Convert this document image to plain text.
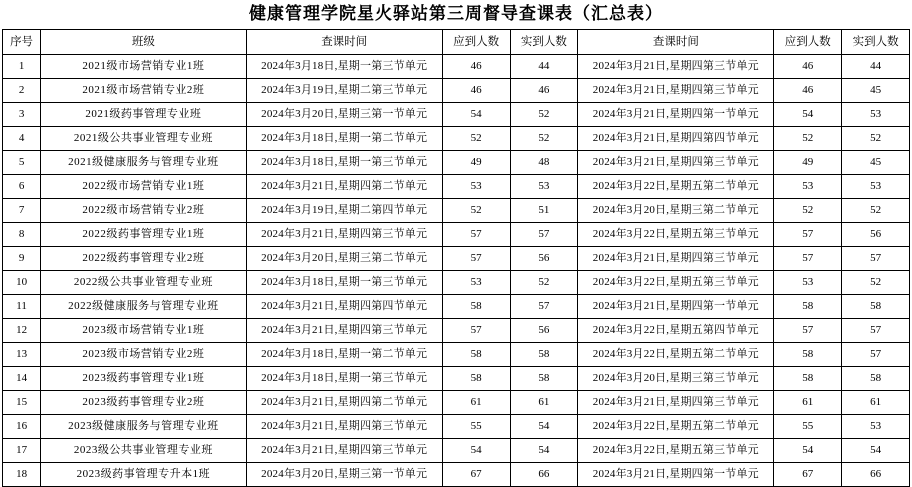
健康管理学院星火驿站第三周督导查课表（汇总表）
序号	班级	查课时间	应到人数	实到人数	查课时间	应到人数	实到人数
1	2021级市场营销专业1班	2024年3月18日,星期一第三节单元	46	44	2024年3月21日,星期四第三节单元	46	44
2	2021级市场营销专业2班	2024年3月19日,星期二第三节单元	46	46	2024年3月21日,星期四第三节单元	46	45
3	2021级药事管理专业班	2024年3月20日,星期三第一节单元	54	52	2024年3月21日,星期四第一节单元	54	53
4	2021级公共事业管理专业班	2024年3月18日,星期一第二节单元	52	52	2024年3月21日,星期四第四节单元	52	52
5	2021级健康服务与管理专业班	2024年3月18日,星期一第三节单元	49	48	2024年3月21日,星期四第三节单元	49	45
6	2022级市场营销专业1班	2024年3月21日,星期四第二节单元	53	53	2024年3月22日,星期五第二节单元	53	53
7	2022级市场营销专业2班	2024年3月19日,星期二第四节单元	52	51	2024年3月20日,星期三第二节单元	52	52
8	2022级药事管理专业1班	2024年3月21日,星期四第三节单元	57	57	2024年3月22日,星期五第三节单元	57	56
9	2022级药事管理专业2班	2024年3月20日,星期三第二节单元	57	56	2024年3月21日,星期四第三节单元	57	57
10	2022级公共事业管理专业班	2024年3月18日,星期一第三节单元	53	52	2024年3月22日,星期五第三节单元	53	52
11	2022级健康服务与管理专业班	2024年3月21日,星期四第四节单元	58	57	2024年3月21日,星期四第一节单元	58	58
12	2023级市场营销专业1班	2024年3月21日,星期四第三节单元	57	56	2024年3月22日,星期五第四节单元	57	57
13	2023级市场营销专业2班	2024年3月18日,星期一第二节单元	58	58	2024年3月22日,星期五第二节单元	58	57
14	2023级药事管理专业1班	2024年3月18日,星期一第三节单元	58	58	2024年3月20日,星期三第三节单元	58	58
15	2023级药事管理专业2班	2024年3月21日,星期四第二节单元	61	61	2024年3月21日,星期四第三节单元	61	61
16	2023级健康服务与管理专业班	2024年3月21日,星期四第三节单元	55	54	2024年3月22日,星期五第二节单元	55	53
17	2023级公共事业管理专业班	2024年3月21日,星期四第三节单元	54	54	2024年3月22日,星期五第三节单元	54	54
18	2023级药事管理专升本1班	2024年3月20日,星期三第一节单元	67	66	2024年3月21日,星期四第一节单元	67	66
